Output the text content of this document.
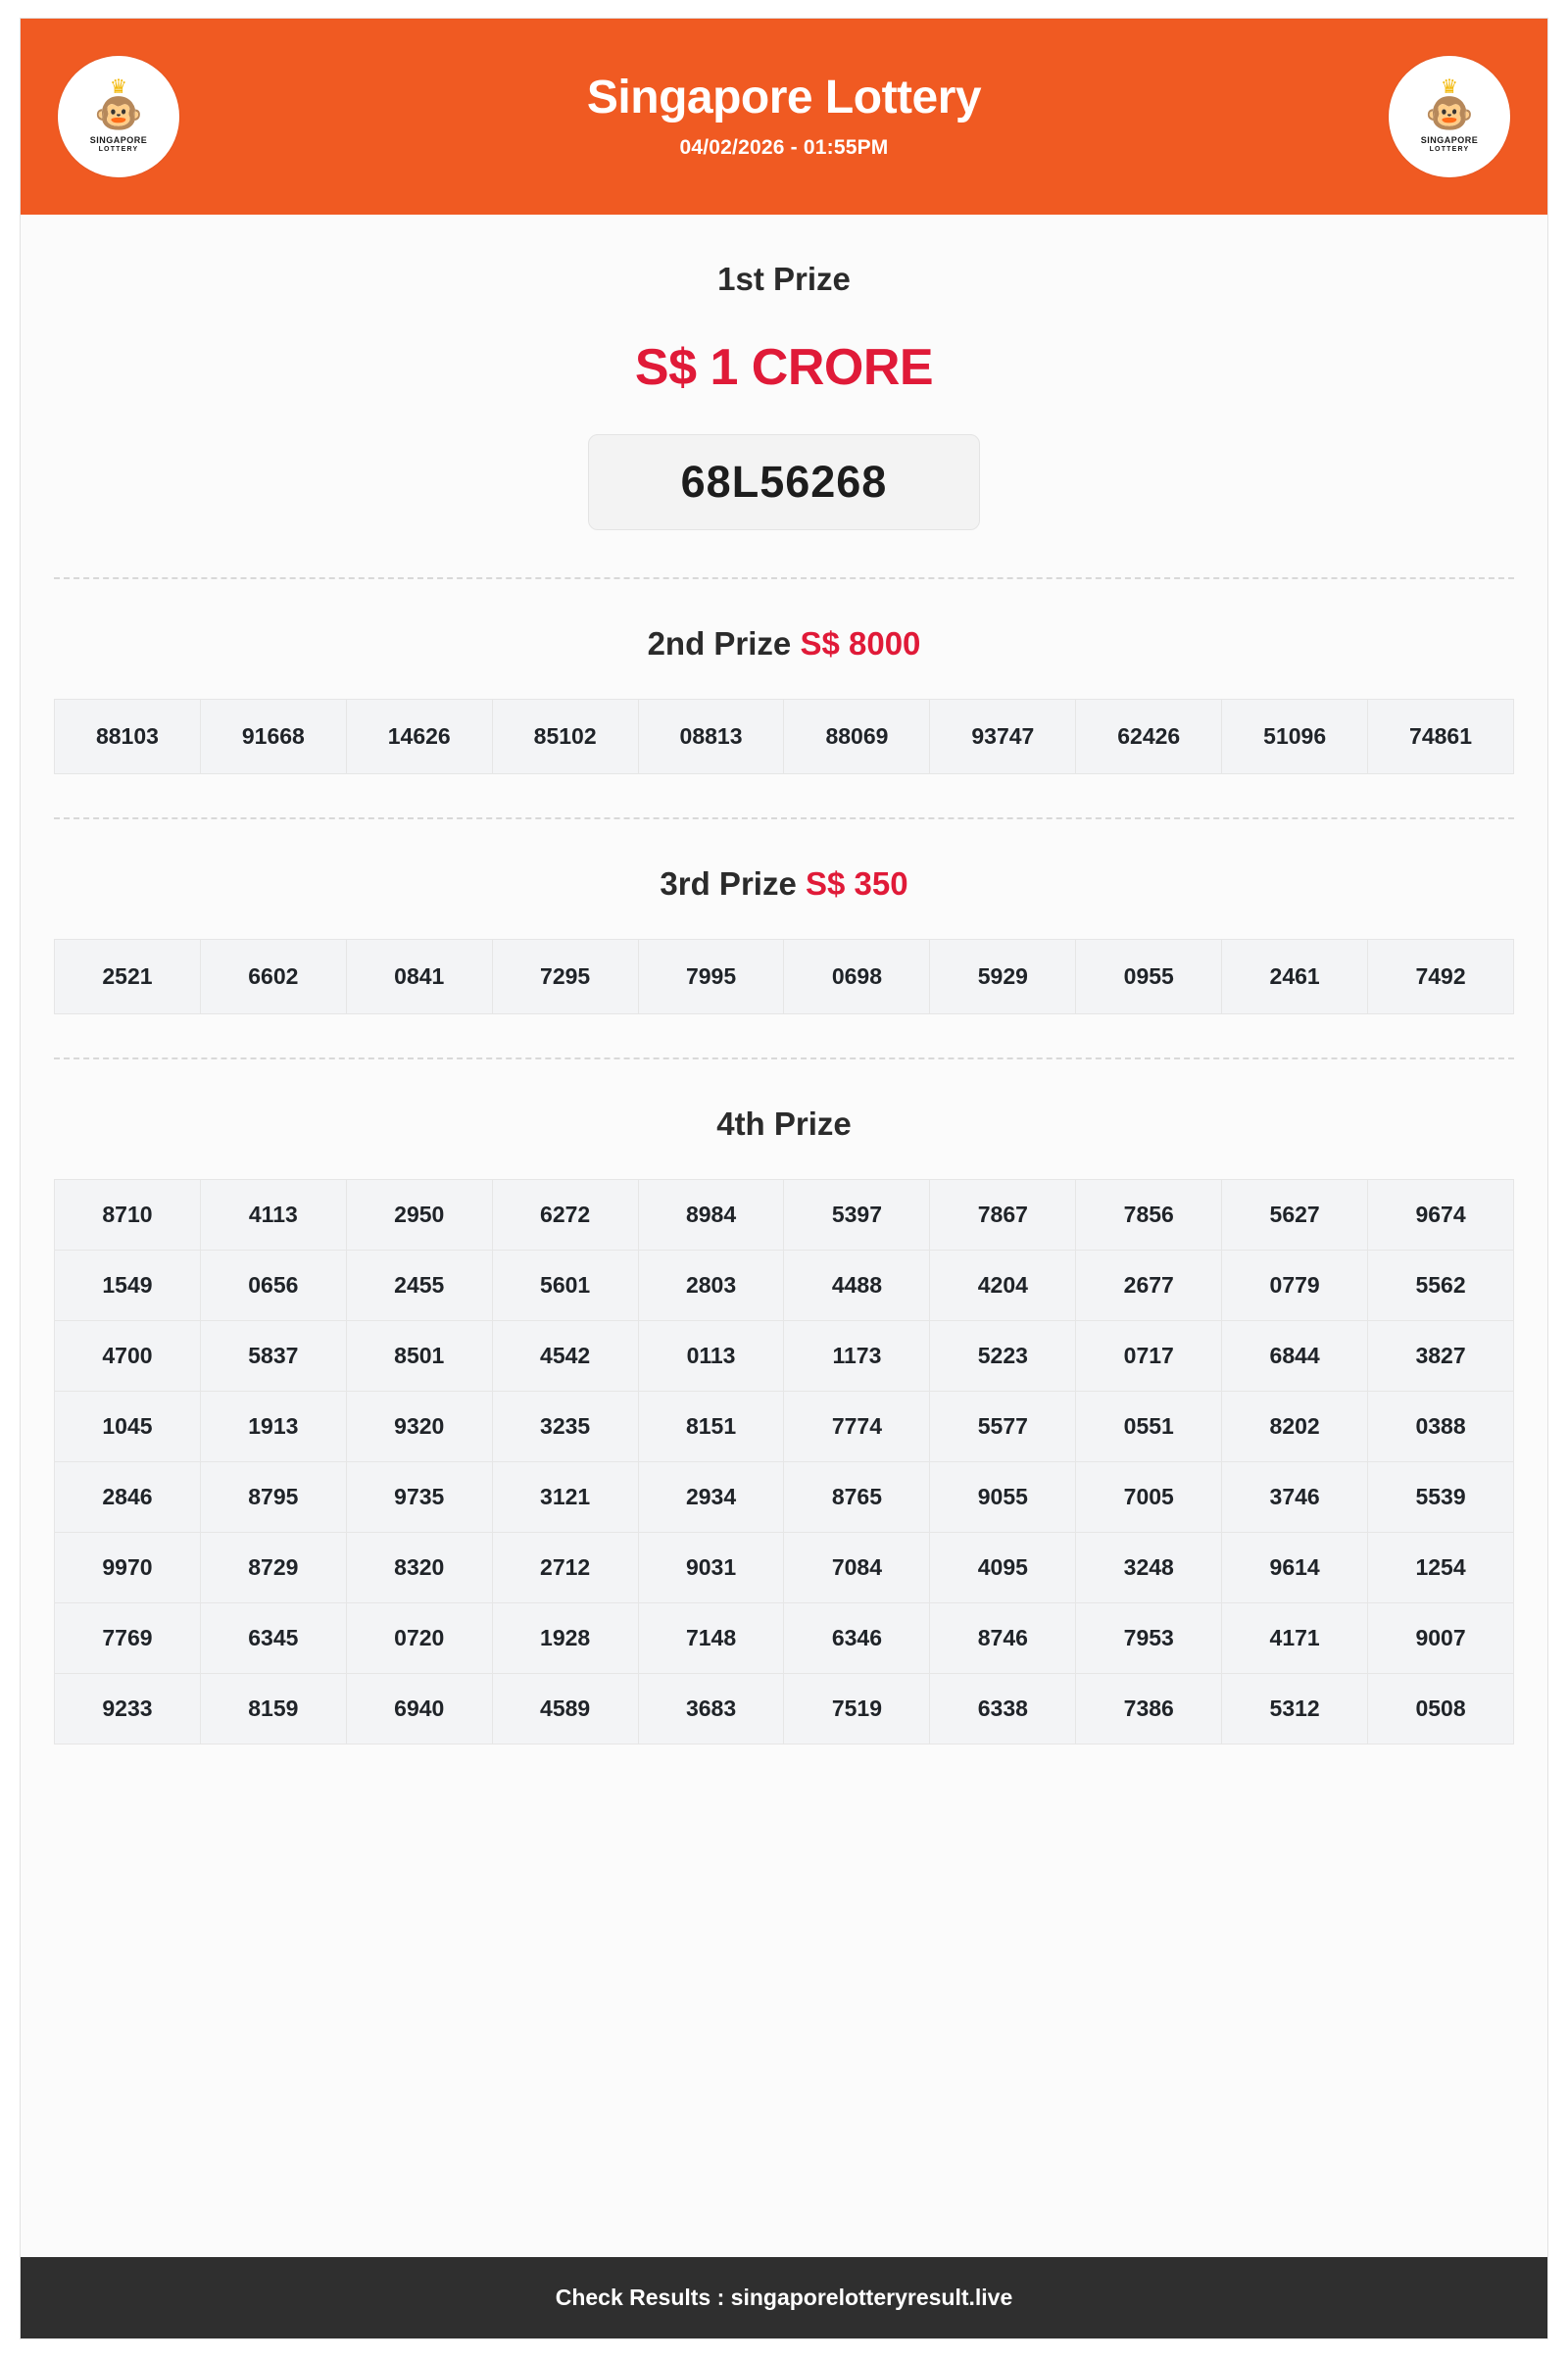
♛
🐵
SINGAPORE
LOTTERY
Singapore Lottery
04/02/2026 - 01:55PM
♛
🐵
SINGAPORE
LOTTERY
1st Prize
S$ 1 CRORE
68L56268
2nd Prize S$ 8000
88103	91668	14626	85102	08813	88069	93747	62426	51096	74861
3rd Prize S$ 350
2521	6602	0841	7295	7995	0698	5929	0955	2461	7492
4th Prize
8710	4113	2950	6272	8984	5397	7867	7856	5627	9674
1549	0656	2455	5601	2803	4488	4204	2677	0779	5562
4700	5837	8501	4542	0113	1173	5223	0717	6844	3827
1045	1913	9320	3235	8151	7774	5577	0551	8202	0388
2846	8795	9735	3121	2934	8765	9055	7005	3746	5539
9970	8729	8320	2712	9031	7084	4095	3248	9614	1254
7769	6345	0720	1928	7148	6346	8746	7953	4171	9007
9233	8159	6940	4589	3683	7519	6338	7386	5312	0508
Check Results : singaporelotteryresult.live
